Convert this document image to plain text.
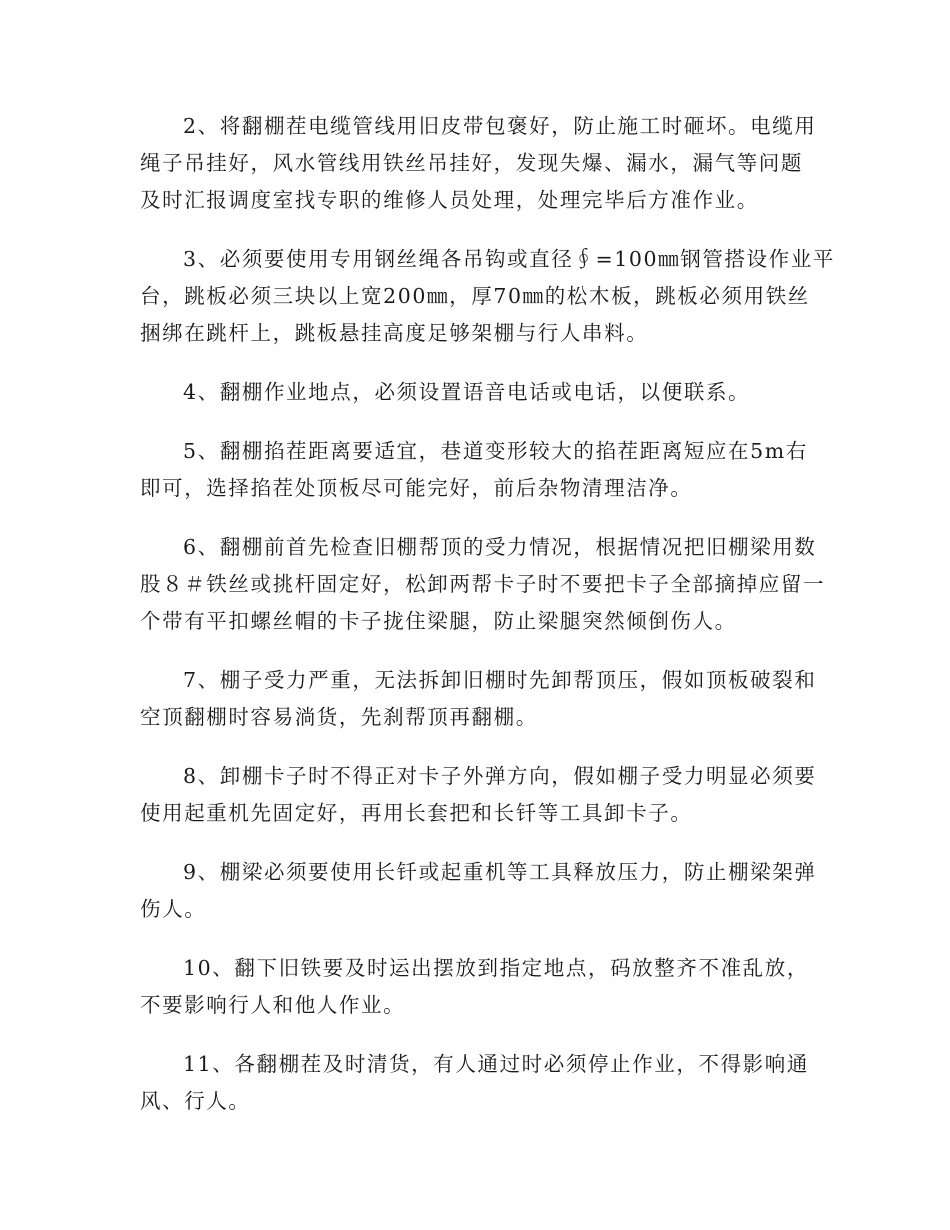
2、将翻棚茬电缆管线用旧皮带包褒好，防止施工时砸坏。电缆用
绳子吊挂好，风水管线用铁丝吊挂好，发现失爆、漏水，漏气等问题
及时汇报调度室找专职的维修人员处理，处理完毕后方准作业。

3、必须要使用专用钢丝绳各吊钩或直径∮=100㎜钢管搭设作业平
台，跳板必须三块以上宽200㎜，厚70㎜的松木板，跳板必须用铁丝
捆绑在跳杆上，跳板悬挂高度足够架棚与行人串料。

4、翻棚作业地点，必须设置语音电话或电话，以便联系。

5、翻棚掐茬距离要适宜，巷道变形较大的掐茬距离短应在5m右
即可，选择掐茬处顶板尽可能完好，前后杂物清理洁净。

6、翻棚前首先检查旧棚帮顶的受力情况，根据情况把旧棚梁用数
股８＃铁丝或挑杆固定好，松卸两帮卡子时不要把卡子全部摘掉应留一
个带有平扣螺丝帽的卡子拢住梁腿，防止梁腿突然倾倒伤人。

7、棚子受力严重，无法拆卸旧棚时先卸帮顶压，假如顶板破裂和
空顶翻棚时容易淌货，先刹帮顶再翻棚。

8、卸棚卡子时不得正对卡子外弹方向，假如棚子受力明显必须要
使用起重机先固定好，再用长套把和长钎等工具卸卡子。

9、棚梁必须要使用长钎或起重机等工具释放压力，防止棚梁架弹
伤人。

10、翻下旧铁要及时运出摆放到指定地点，码放整齐不准乱放，
不要影响行人和他人作业。

11、各翻棚茬及时清货，有人通过时必须停止作业，不得影响通
风、行人。
